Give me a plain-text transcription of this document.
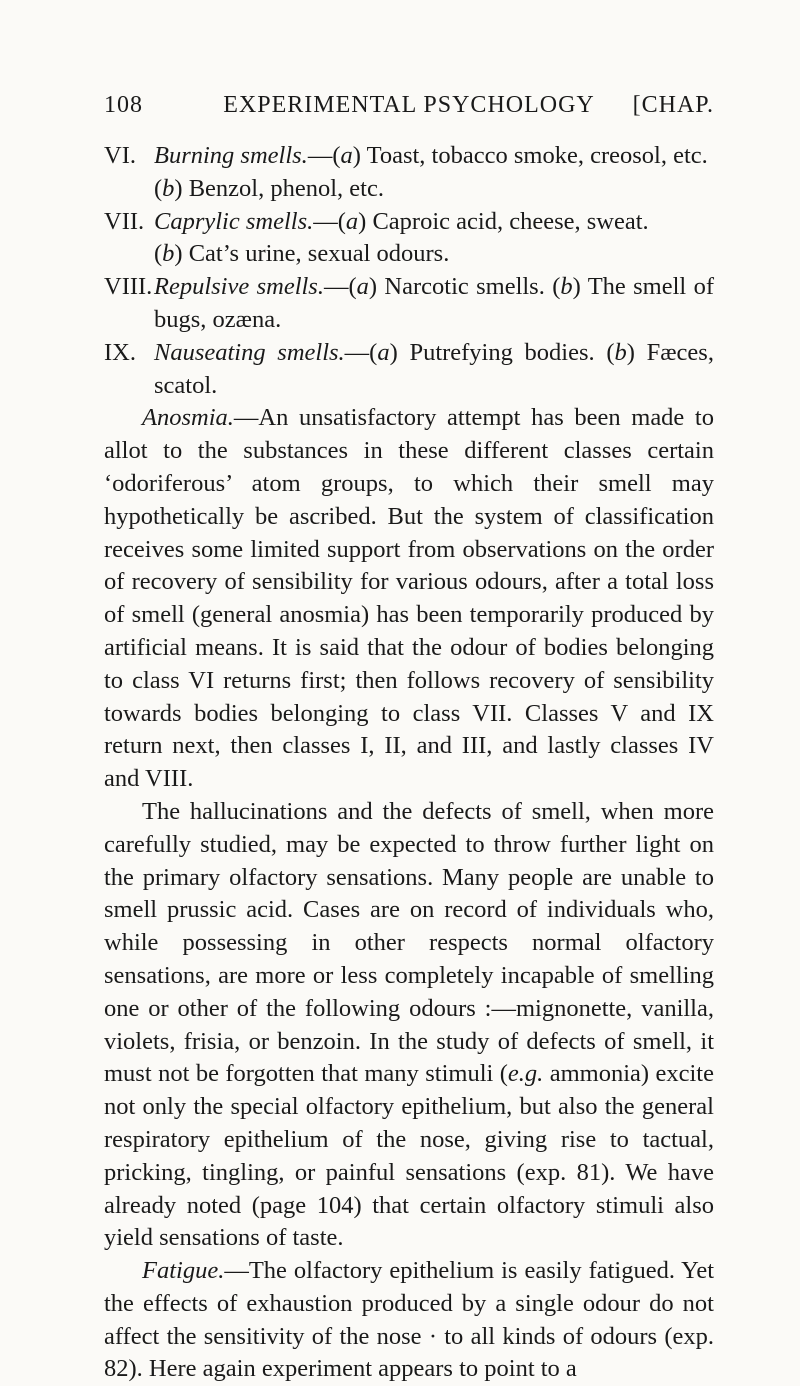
108	EXPERIMENTAL PSYCHOLOGY	[CHAP.
VI. Burning smells.—(a) Toast, tobacco smoke, creosol, etc.
(b) Benzol, phenol, etc.
VII. Caprylic smells.—(a) Caproic acid, cheese, sweat.
(b) Cat’s urine, sexual odours.
VIII. Repulsive smells.—(a) Narcotic smells. (b) The smell of bugs, ozæna.
IX. Nauseating smells.—(a) Putrefying bodies. (b) Fæces, scatol.

Anosmia.—An unsatisfactory attempt has been made to allot to the substances in these different classes certain ‘odoriferous’ atom groups, to which their smell may hypothetically be ascribed. But the system of classification receives some limited support from observations on the order of recovery of sensibility for various odours, after a total loss of smell (general anosmia) has been temporarily produced by artificial means. It is said that the odour of bodies belonging to class VI returns first; then follows recovery of sensibility towards bodies belonging to class VII. Classes V and IX return next, then classes I, II, and III, and lastly classes IV and VIII.

The hallucinations and the defects of smell, when more carefully studied, may be expected to throw further light on the primary olfactory sensations. Many people are unable to smell prussic acid. Cases are on record of individuals who, while possessing in other respects normal olfactory sensations, are more or less completely incapable of smelling one or other of the following odours :—mignonette, vanilla, violets, frisia, or benzoin. In the study of defects of smell, it must not be forgotten that many stimuli (e.g. ammonia) excite not only the special olfactory epithelium, but also the general respiratory epithelium of the nose, giving rise to tactual, pricking, tingling, or painful sensations (exp. 81). We have already noted (page 104) that certain olfactory stimuli also yield sensations of taste.

Fatigue.—The olfactory epithelium is easily fatigued. Yet the effects of exhaustion produced by a single odour do not affect the sensitivity of the nose · to all kinds of odours (exp. 82). Here again experiment appears to point to a
